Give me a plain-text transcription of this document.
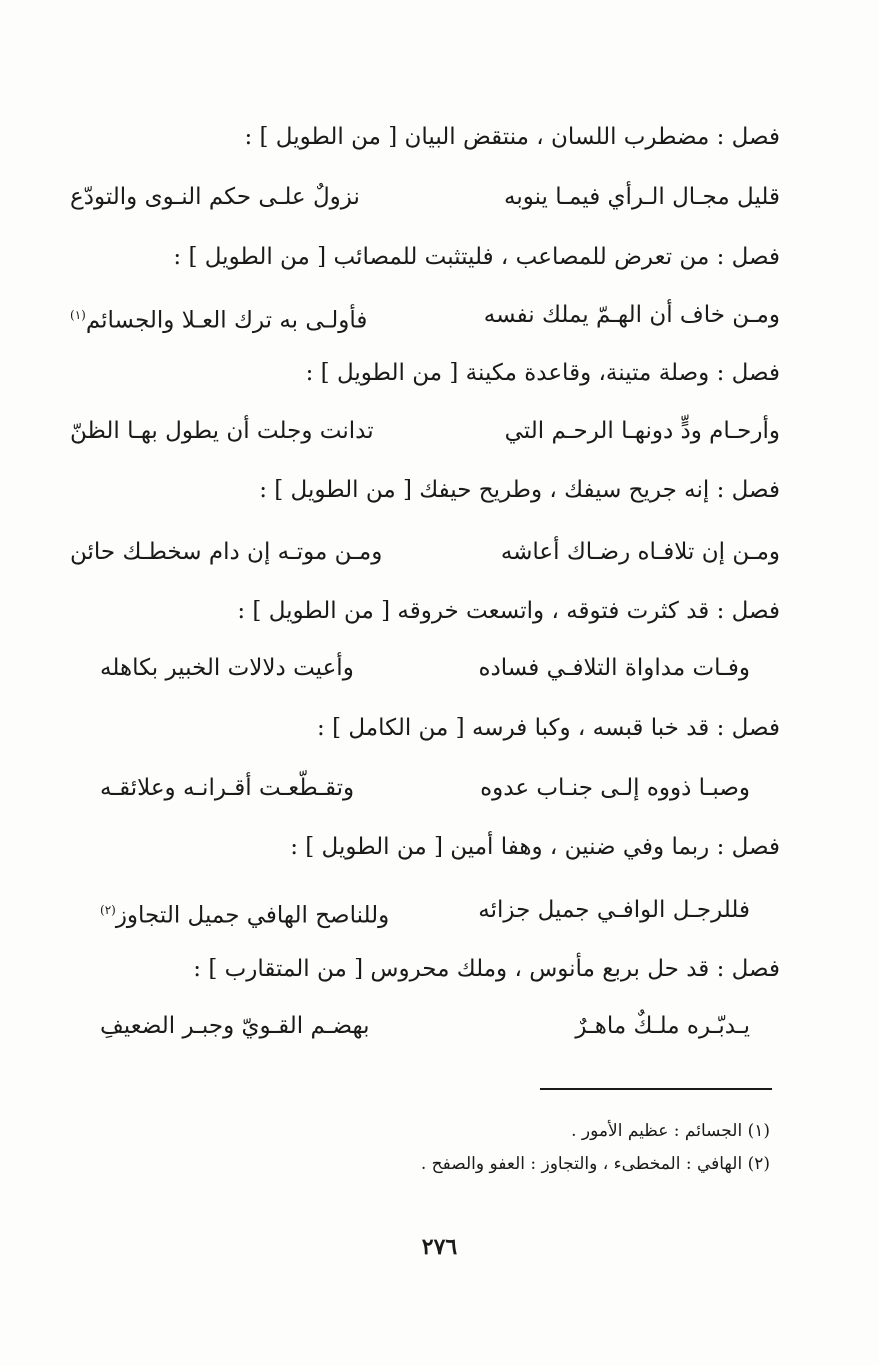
فصل : مضطرب اللسان ، منتقض البيان [ من الطويل ] :
قليل مجـال الـرأي فيمـا ينوبه
نزولٌ علـى حكم النـوى والتودّع
فصل : من تعرض للمصاعب ، فليتثبت للمصائب [ من الطويل ] :
ومـن خاف أن الهـمّ يملك نفسه
فأولـى به ترك العـلا والجسائم$^{(١)}$
فصل : وصلة متينة، وقاعدة مكينة [ من الطويل ] :
وأرحـام ودٍّ دونهـا الرحـم التي
تدانت وجلت أن يطول بهـا الظنّ
فصل : إنه جريح سيفك ، وطريح حيفك [ من الطويل ] :
ومـن إن تلافـاه رضـاك أعاشه
ومـن موتـه إن دام سخطـك حائن
فصل : قد كثرت فتوقه ، واتسعت خروقه [ من الطويل ] :
وفـات مداواة التلافـي فساده
وأعيت دلالات الخبير بكاهله
فصل : قد خبا قبسه ، وكبا فرسه [ من الكامل ] :
وصبـا ذووه إلـى جنـاب عدوه
وتقـطّعـت أقـرانـه وعلائقـه
فصل : ربما وفي ضنين ، وهفا أمين [ من الطويل ] :
فللرجـل الوافـي جميل جزائه
وللناصح الهافي جميل التجاوز$^{(٢)}$
فصل : قد حل بربع مأنوس ، وملك محروس [ من المتقارب ] :
يـدبّـره ملـكٌ ماهـرٌ
بهضـم القـويّ وجبـر الضعيفِ
(١) الجسائم : عظيم الأمور .
(٢) الهافي : المخطىء ، والتجاوز : العفو والصفح .
٢٧٦
